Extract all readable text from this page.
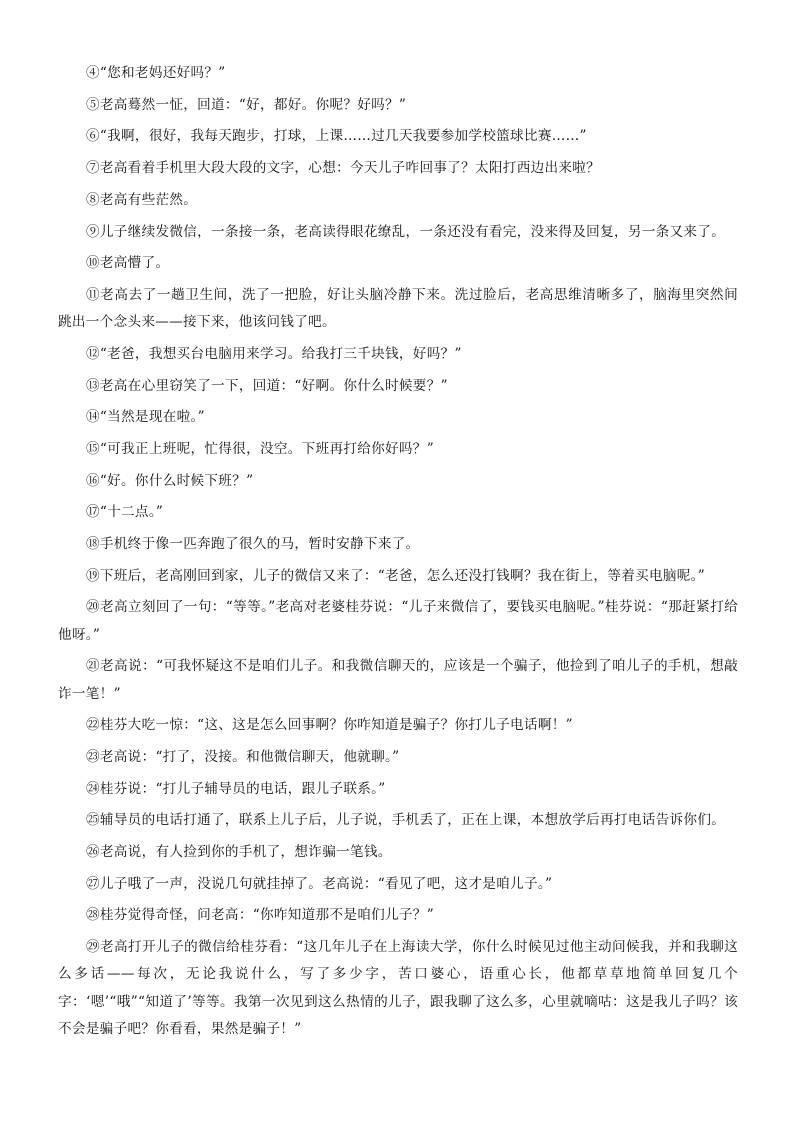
④“您和老妈还好吗？”

⑤老高蓦然一怔，回道：“好，都好。你呢？好吗？”

⑥“我啊，很好，我每天跑步，打球，上课……过几天我要参加学校篮球比赛……”

⑦老高看着手机里大段大段的文字，心想：今天儿子咋回事了？太阳打西边出来啦？

⑧老高有些茫然。

⑨儿子继续发微信，一条接一条，老高读得眼花缭乱，一条还没有看完，没来得及回复，另一条又来了。

⑩老高懵了。

⑪老高去了一趟卫生间，洗了一把脸，好让头脑冷静下来。洗过脸后，老高思维清晰多了，脑海里突然间跳出一个念头来——接下来，他该问钱了吧。

⑫“老爸，我想买台电脑用来学习。给我打三千块钱，好吗？”

⑬老高在心里窃笑了一下，回道：“好啊。你什么时候要？”

⑭“当然是现在啦。”

⑮“可我正上班呢，忙得很，没空。下班再打给你好吗？”

⑯“好。你什么时候下班？”

⑰“十二点。”

⑱手机终于像一匹奔跑了很久的马，暂时安静下来了。

⑲下班后，老高刚回到家，儿子的微信又来了：“老爸，怎么还没打钱啊？我在街上，等着买电脑呢。”

⑳老高立刻回了一句：“等等。”老高对老婆桂芬说：“儿子来微信了，要钱买电脑呢。”桂芬说：“那赶紧打给他呀。”

㉑老高说：“可我怀疑这不是咱们儿子。和我微信聊天的，应该是一个骗子，他捡到了咱儿子的手机，想敲诈一笔！”

㉒桂芬大吃一惊：“这、这是怎么回事啊？你咋知道是骗子？你打儿子电话啊！”

㉓老高说：“打了，没接。和他微信聊天，他就聊。”

㉔桂芬说：“打儿子辅导员的电话，跟儿子联系。”

㉕辅导员的电话打通了，联系上儿子后，儿子说，手机丢了，正在上课，本想放学后再打电话告诉你们。

㉖老高说，有人捡到你的手机了，想诈骗一笔钱。

㉗儿子哦了一声，没说几句就挂掉了。老高说：“看见了吧，这才是咱儿子。”

㉘桂芬觉得奇怪，问老高：“你咋知道那不是咱们儿子？”

㉙老高打开儿子的微信给桂芬看：“这几年儿子在上海读大学，你什么时候见过他主动问候我，并和我聊这么多话——每次，无论我说什么，写了多少字，苦口婆心，语重心长，他都草草地简单回复几个字：‘嗯’“哦”“知道了’等等。我第一次见到这么热情的儿子，跟我聊了这么多，心里就嘀咕：这是我儿子吗？该不会是骗子吧？你看看，果然是骗子！”
